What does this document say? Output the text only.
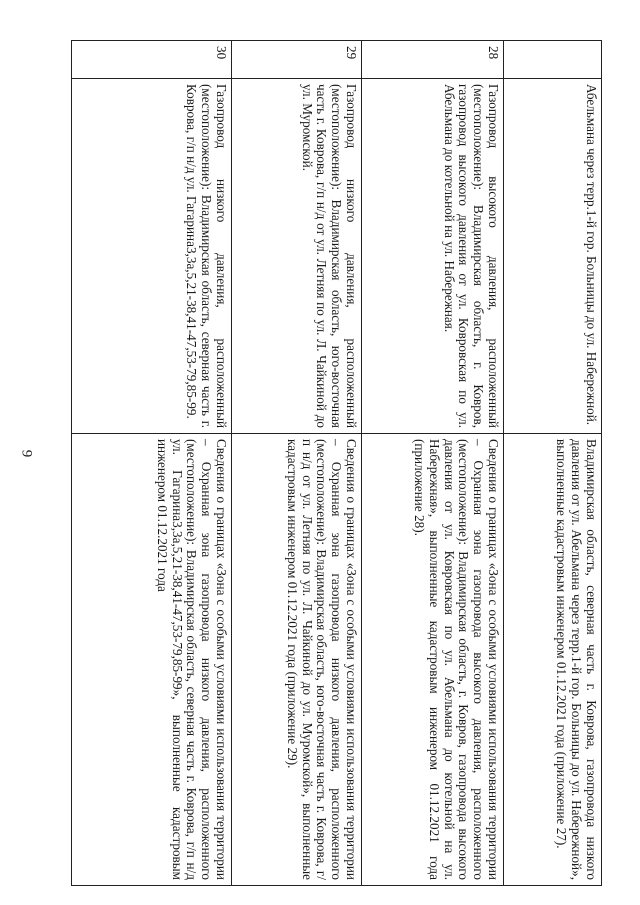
9

	Абельмана через терр.1-й гор. Больницы до ул. Набережной.	Владимирская область, северная часть г. Коврова, газопровода низкого давления от ул. Абельмана через терр.1-й гор. Больницы до ул. Набережной», выполненные кадастровым инженером 01.12.2021 года (приложение 27).

28	Газопровод высокого давления, расположенный (местоположение): Владимирская область, г. Ковров, газопровод высокого давления от ул. Ковровская по ул. Абельмана до котельной на ул. Набережная.	Сведения о границах «Зона с особыми условиями использования территории – Охранная зона газопровода высокого давления, расположенного (местоположение): Владимирская область, г. Ковров, газопровода высокого давления от ул. Ковровская по ул. Абельмана до котельной на ул. Набережная», выполненные кадастровым инженером 01.12.2021 года (приложение 28).

29	Газопровод низкого давления, расположенный (местоположение): Владимирская область, юго-восточная часть г. Коврова, г/п н/д от ул. Летняя по ул. Л. Чайкиной до ул. Муромской.	Сведения о границах «Зона с особыми условиями использования территории – Охранная зона газопровода низкого давления, расположенного (местоположение): Владимирская область, юго-восточная часть г. Коврова, г/п н/д от ул. Летняя по ул. Л. Чайкиной до ул. Муромской», выполненные кадастровым инженером 01.12.2021 года (приложение 29).

30	Газопровод низкого давления, расположенный (местоположение): Владимирская область, северная часть г. Коврова, г/п н/д ул. Гагарина3,3а,5,21-38,41-47,53-79,85-99.	Сведения о границах «Зона с особыми условиями использования территории – Охранная зона газопровода низкого давления, расположенного (местоположение): Владимирская область, северная часть г. Коврова, г/п н/д ул. Гагарина3,3а,5,21-38,41-47,53-79,85-99», выполненные кадастровым инженером 01.12.2021 года
